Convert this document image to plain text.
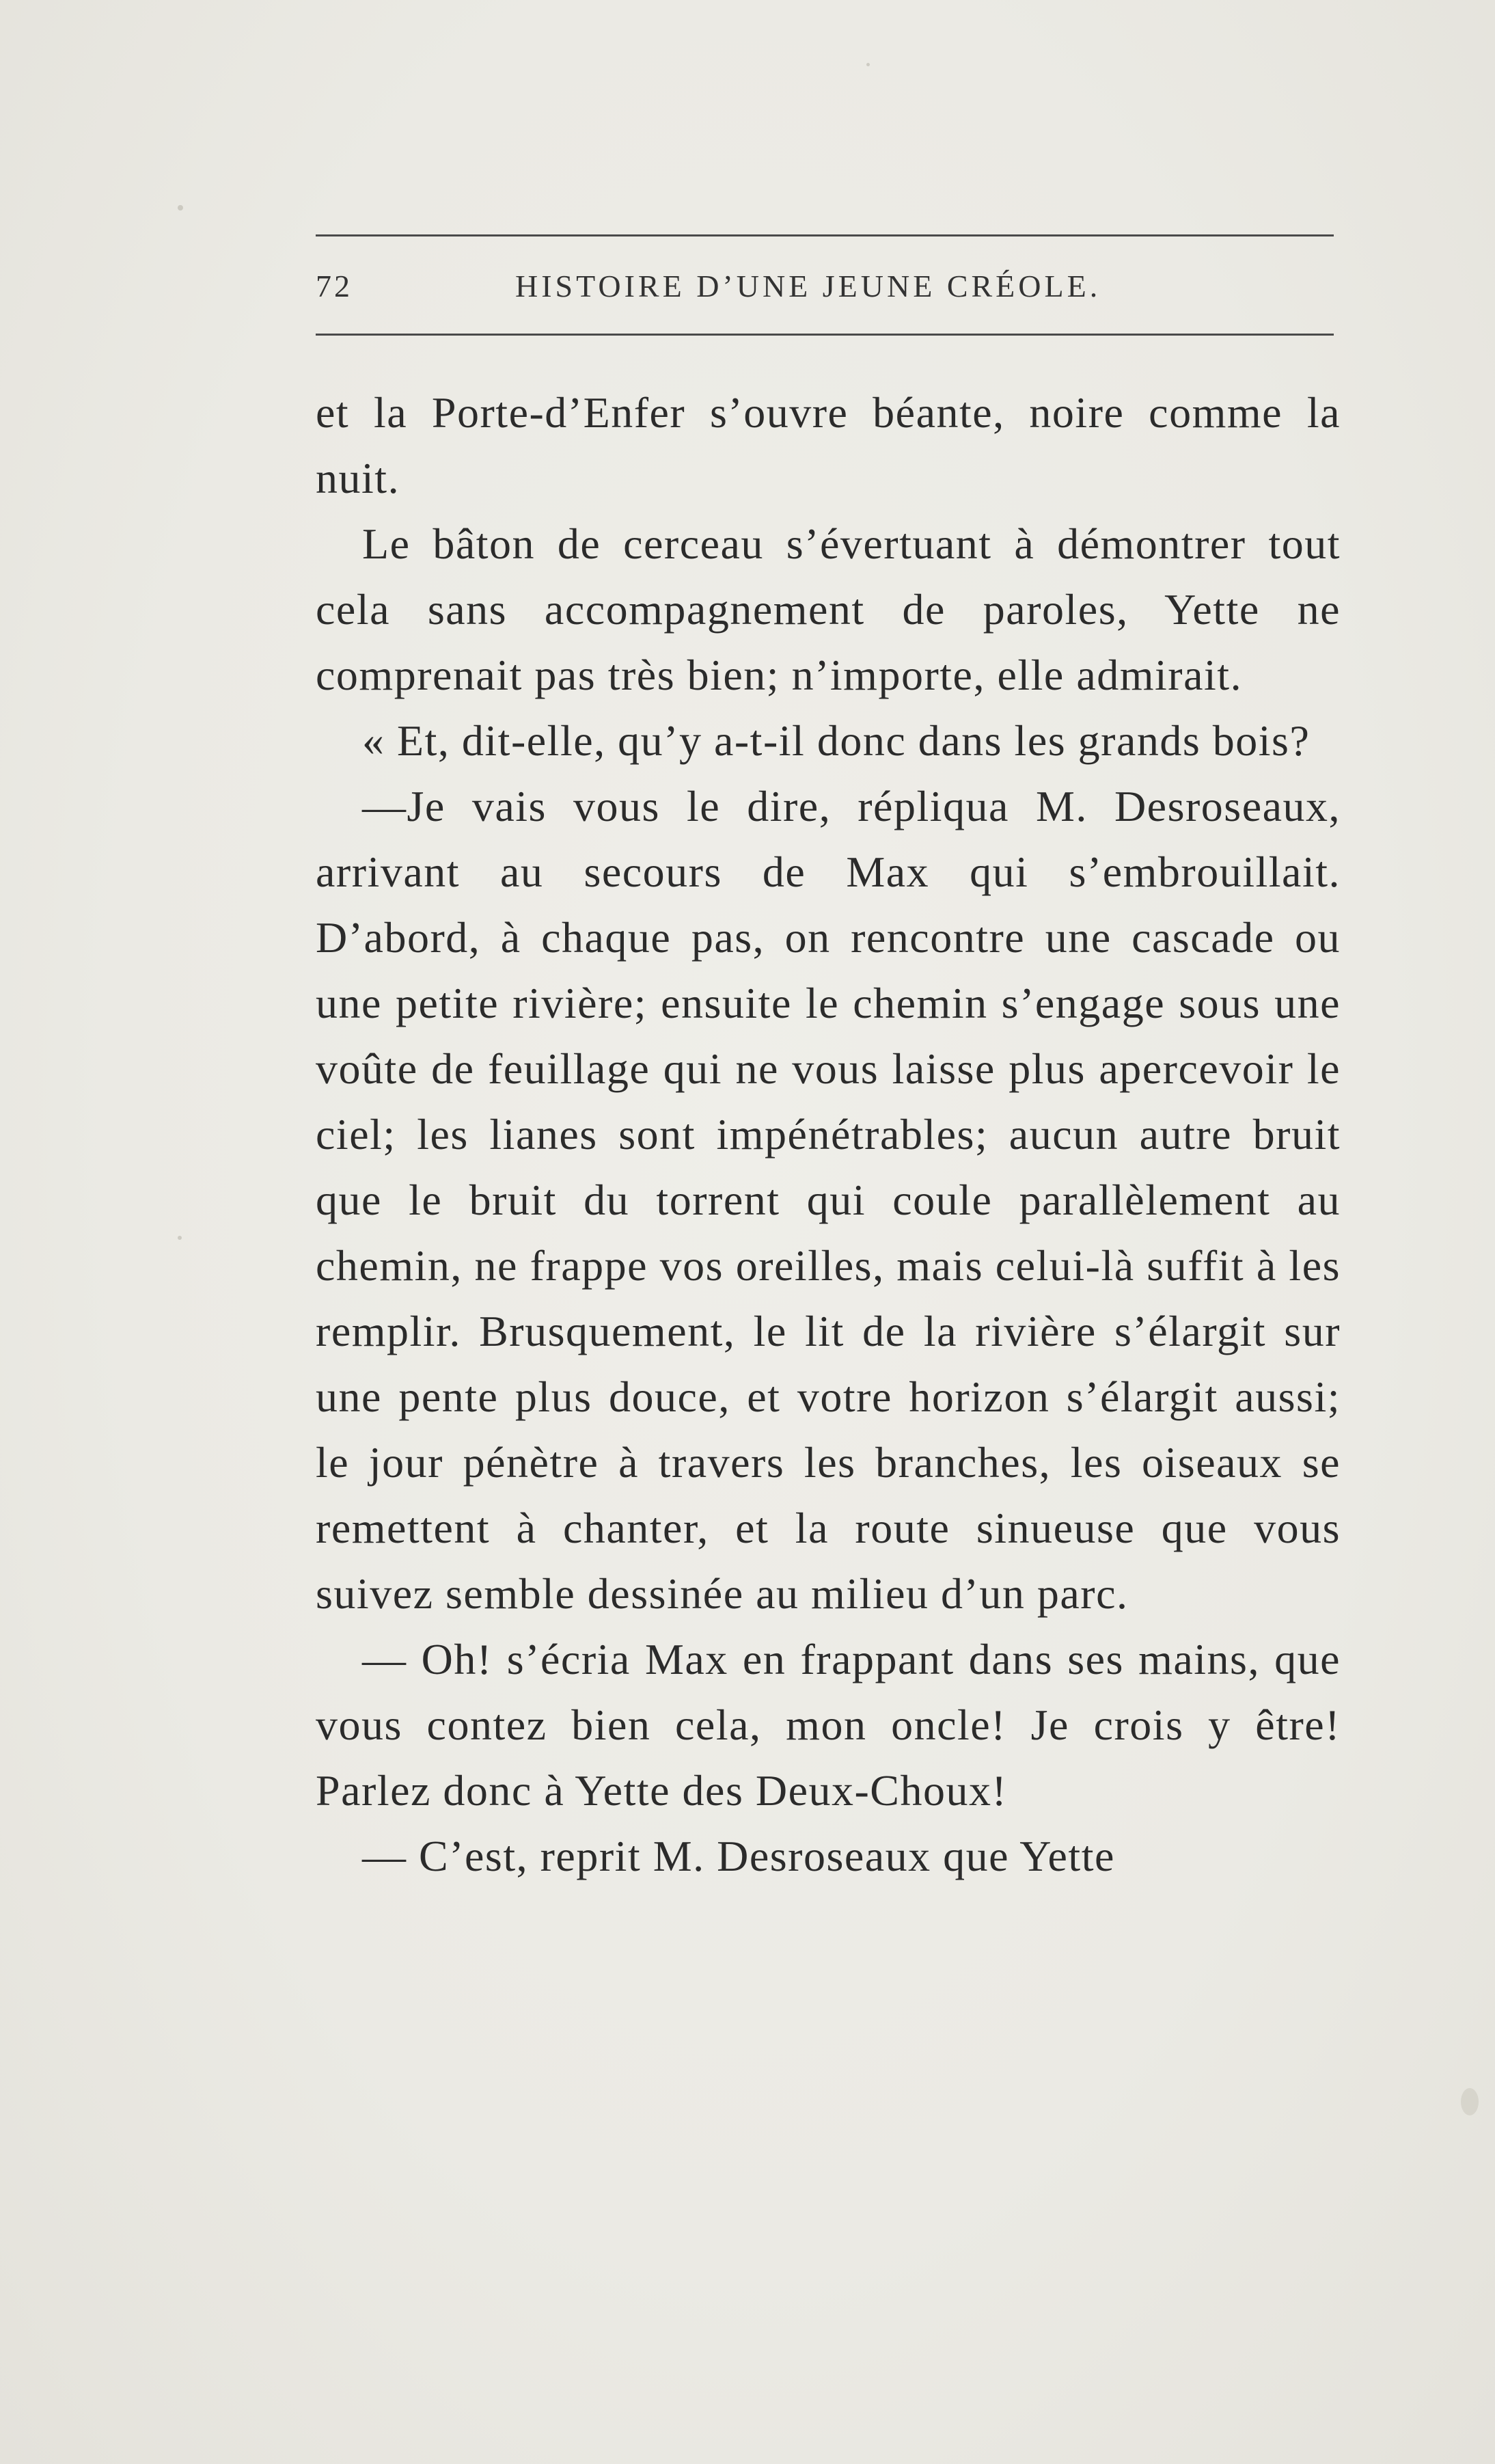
72	HISTOIRE D’UNE JEUNE CRÉOLE.

et la Porte-d’Enfer s’ouvre béante, noire comme la nuit.

Le bâton de cerceau s’évertuant à démontrer tout cela sans accompagnement de paroles, Yette ne comprenait pas très bien; n’importe, elle admirait.

« Et, dit-elle, qu’y a-t-il donc dans les grands bois?

—Je vais vous le dire, répliqua M. Desroseaux, arrivant au secours de Max qui s’embrouillait. D’abord, à chaque pas, on rencontre une cascade ou une petite rivière; ensuite le chemin s’engage sous une voûte de feuillage qui ne vous laisse plus apercevoir le ciel; les lianes sont impénétrables; aucun autre bruit que le bruit du torrent qui coule parallèlement au chemin, ne frappe vos oreilles, mais celui-là suffit à les remplir. Brusquement, le lit de la rivière s’élargit sur une pente plus douce, et votre horizon s’élargit aussi; le jour pénètre à travers les branches, les oiseaux se remettent à chanter, et la route sinueuse que vous suivez semble dessinée au milieu d’un parc.

— Oh! s’écria Max en frappant dans ses mains, que vous contez bien cela, mon oncle! Je crois y être! Parlez donc à Yette des Deux-Choux!

— C’est, reprit M. Desroseaux que Yette
